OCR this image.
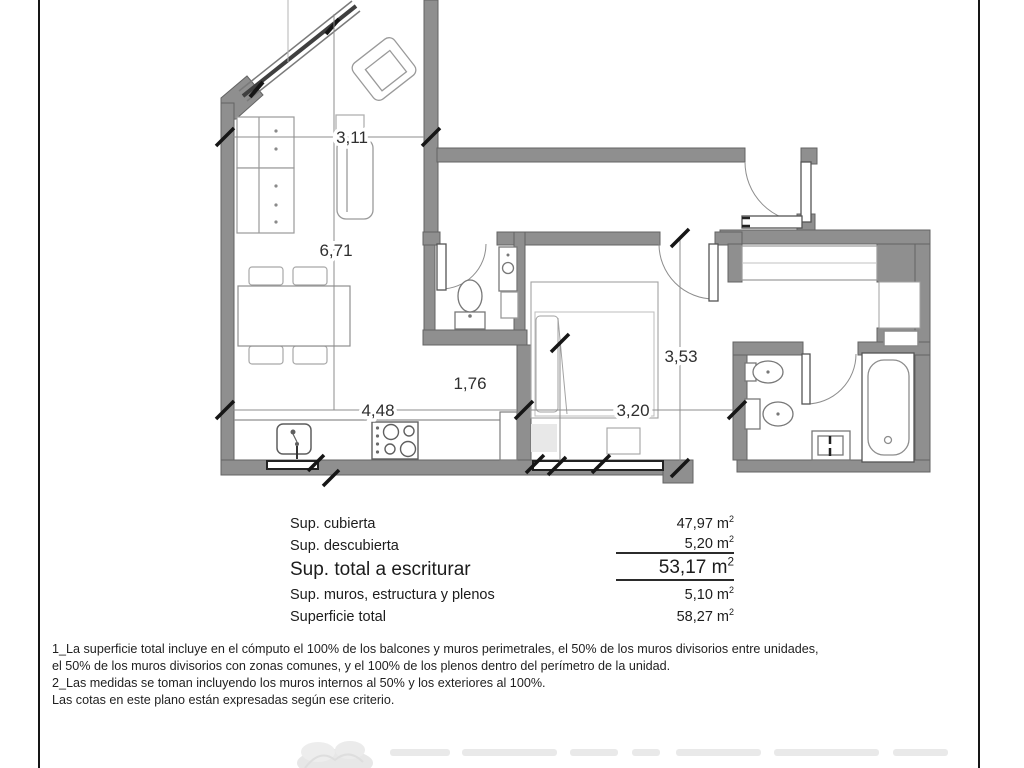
3,11
6,71
1,76
4,48	3,20
3,53
Sup. cubierta	47,97 $m^2$
Sup. descubierta	5,20 $m^2$
Sup. total a escriturar	53,17 $m^2$
Sup. muros, estructura y plenos	5,10 $m^2$
Superficie total	58,27 $m^2$
1_La superficie total incluye en el cómputo el 100% de los balcones y muros perimetrales, el 50% de los muros divisorios entre unidades,
el 50% de los muros divisorios con zonas comunes, y el 100% de los plenos dentro del perímetro de la unidad.
2_Las medidas se toman incluyendo los muros internos al 50% y los exteriores al 100%.
Las cotas en este plano están expresadas según ese criterio.
